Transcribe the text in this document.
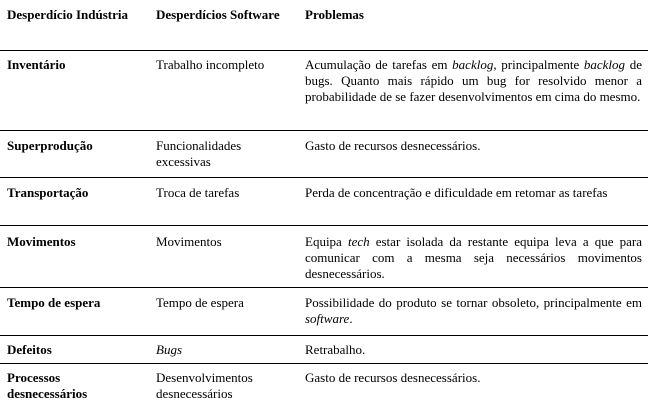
Desperdício Indústria	Desperdícios Software	Problemas
Inventário	Trabalho incompleto	Acumulação de tarefas em backlog, principalmente backlog de bugs. Quanto mais rápido um bug for resolvido menor a probabilidade de se fazer desenvolvimentos em cima do mesmo.
Superprodução	Funcionalidades excessivas	Gasto de recursos desnecessários.
Transportação	Troca de tarefas	Perda de concentração e dificuldade em retomar as tarefas
Movimentos	Movimentos	Equipa tech estar isolada da restante equipa leva a que para comunicar com a mesma seja necessários movimentos desnecessários.
Tempo de espera	Tempo de espera	Possibilidade do produto se tornar obsoleto, principalmente em software.
Defeitos	Bugs	Retrabalho.
Processos desnecessários	Desenvolvimentos desnecessários	Gasto de recursos desnecessários.
